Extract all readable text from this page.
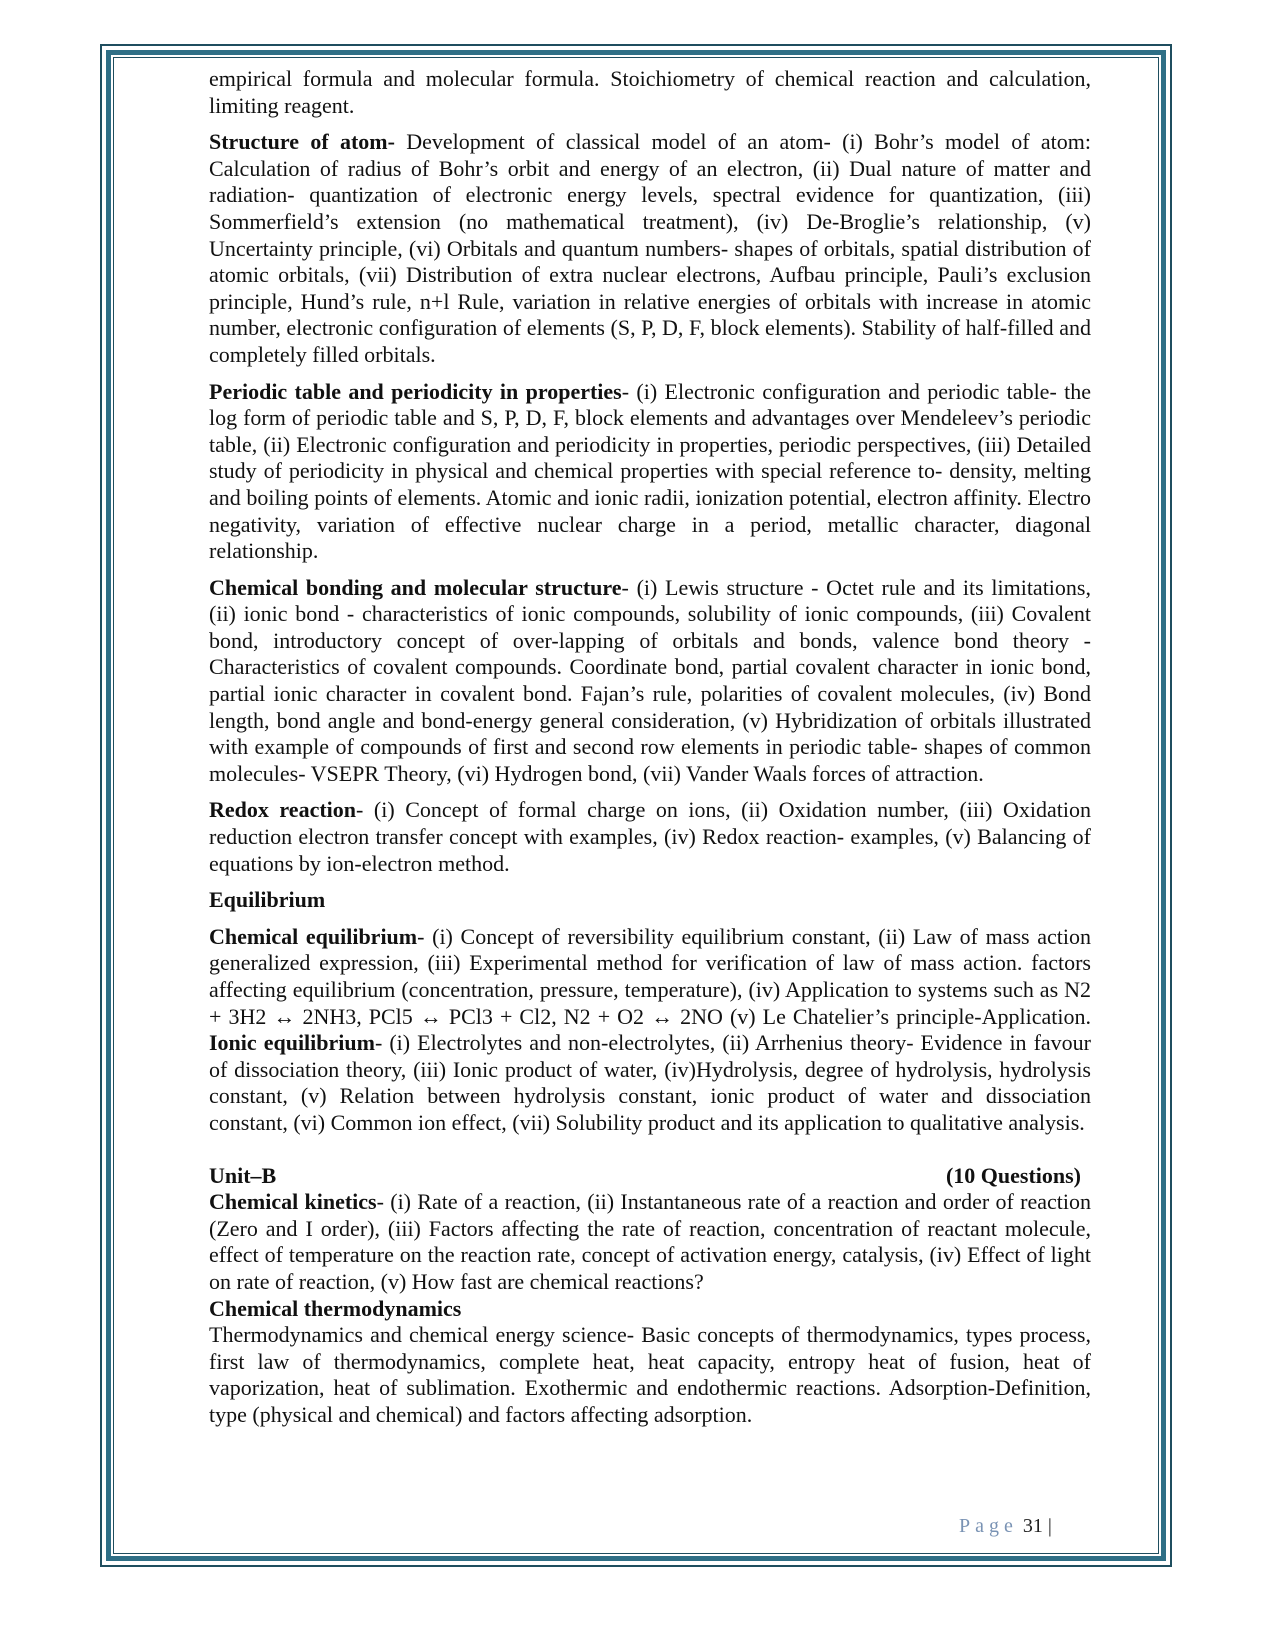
empirical formula and molecular formula. Stoichiometry of chemical reaction and calculation, limiting reagent.

Structure of atom- Development of classical model of an atom- (i) Bohr’s model of atom: Calculation of radius of Bohr’s orbit and energy of an electron, (ii) Dual nature of matter and radiation- quantization of electronic energy levels, spectral evidence for quantization, (iii) Sommerfield’s extension (no mathematical treatment), (iv) De-Broglie’s relationship, (v) Uncertainty principle, (vi) Orbitals and quantum numbers- shapes of orbitals, spatial distribution of atomic orbitals, (vii) Distribution of extra nuclear electrons, Aufbau principle, Pauli’s exclusion principle, Hund’s rule, n+l Rule, variation in relative energies of orbitals with increase in atomic number, electronic configuration of elements (S, P, D, F, block elements). Stability of half-filled and completely filled orbitals.

Periodic table and periodicity in properties- (i) Electronic configuration and periodic table- the log form of periodic table and S, P, D, F, block elements and advantages over Mendeleev’s periodic table, (ii) Electronic configuration and periodicity in properties, periodic perspectives, (iii) Detailed study of periodicity in physical and chemical properties with special reference to- density, melting and boiling points of elements. Atomic and ionic radii, ionization potential, electron affinity. Electro negativity, variation of effective nuclear charge in a period, metallic character, diagonal relationship.

Chemical bonding and molecular structure- (i) Lewis structure - Octet rule and its limitations, (ii) ionic bond - characteristics of ionic compounds, solubility of ionic compounds, (iii) Covalent bond, introductory concept of over-lapping of orbitals and bonds, valence bond theory - Characteristics of covalent compounds. Coordinate bond, partial covalent character in ionic bond, partial ionic character in covalent bond. Fajan’s rule, polarities of covalent molecules, (iv) Bond length, bond angle and bond-energy general consideration, (v) Hybridization of orbitals illustrated with example of compounds of first and second row elements in periodic table- shapes of common molecules- VSEPR Theory, (vi) Hydrogen bond, (vii) Vander Waals forces of attraction.

Redox reaction- (i) Concept of formal charge on ions, (ii) Oxidation number, (iii) Oxidation reduction electron transfer concept with examples, (iv) Redox reaction- examples, (v) Balancing of equations by ion-electron method.

Equilibrium

Chemical equilibrium- (i) Concept of reversibility equilibrium constant, (ii) Law of mass action generalized expression, (iii) Experimental method for verification of law of mass action. factors affecting equilibrium (concentration, pressure, temperature), (iv) Application to systems such as N2 + 3H2 ↔ 2NH3, PCl5 ↔ PCl3 + Cl2, N2 + O2 ↔ 2NO (v) Le Chatelier’s principle-Application. Ionic equilibrium- (i) Electrolytes and non-electrolytes, (ii) Arrhenius theory- Evidence in favour of dissociation theory, (iii) Ionic product of water, (iv)Hydrolysis, degree of hydrolysis, hydrolysis constant, (v) Relation between hydrolysis constant, ionic product of water and dissociation constant, (vi) Common ion effect, (vii) Solubility product and its application to qualitative analysis.

Unit–B	(10 Questions)

Chemical kinetics- (i) Rate of a reaction, (ii) Instantaneous rate of a reaction and order of reaction (Zero and I order), (iii) Factors affecting the rate of reaction, concentration of reactant molecule, effect of temperature on the reaction rate, concept of activation energy, catalysis, (iv) Effect of light on rate of reaction, (v) How fast are chemical reactions?

Chemical thermodynamics

Thermodynamics and chemical energy science- Basic concepts of thermodynamics, types process, first law of thermodynamics, complete heat, heat capacity, entropy heat of fusion, heat of vaporization, heat of sublimation. Exothermic and endothermic reactions. Adsorption-Definition, type (physical and chemical) and factors affecting adsorption.

Page 31 |
